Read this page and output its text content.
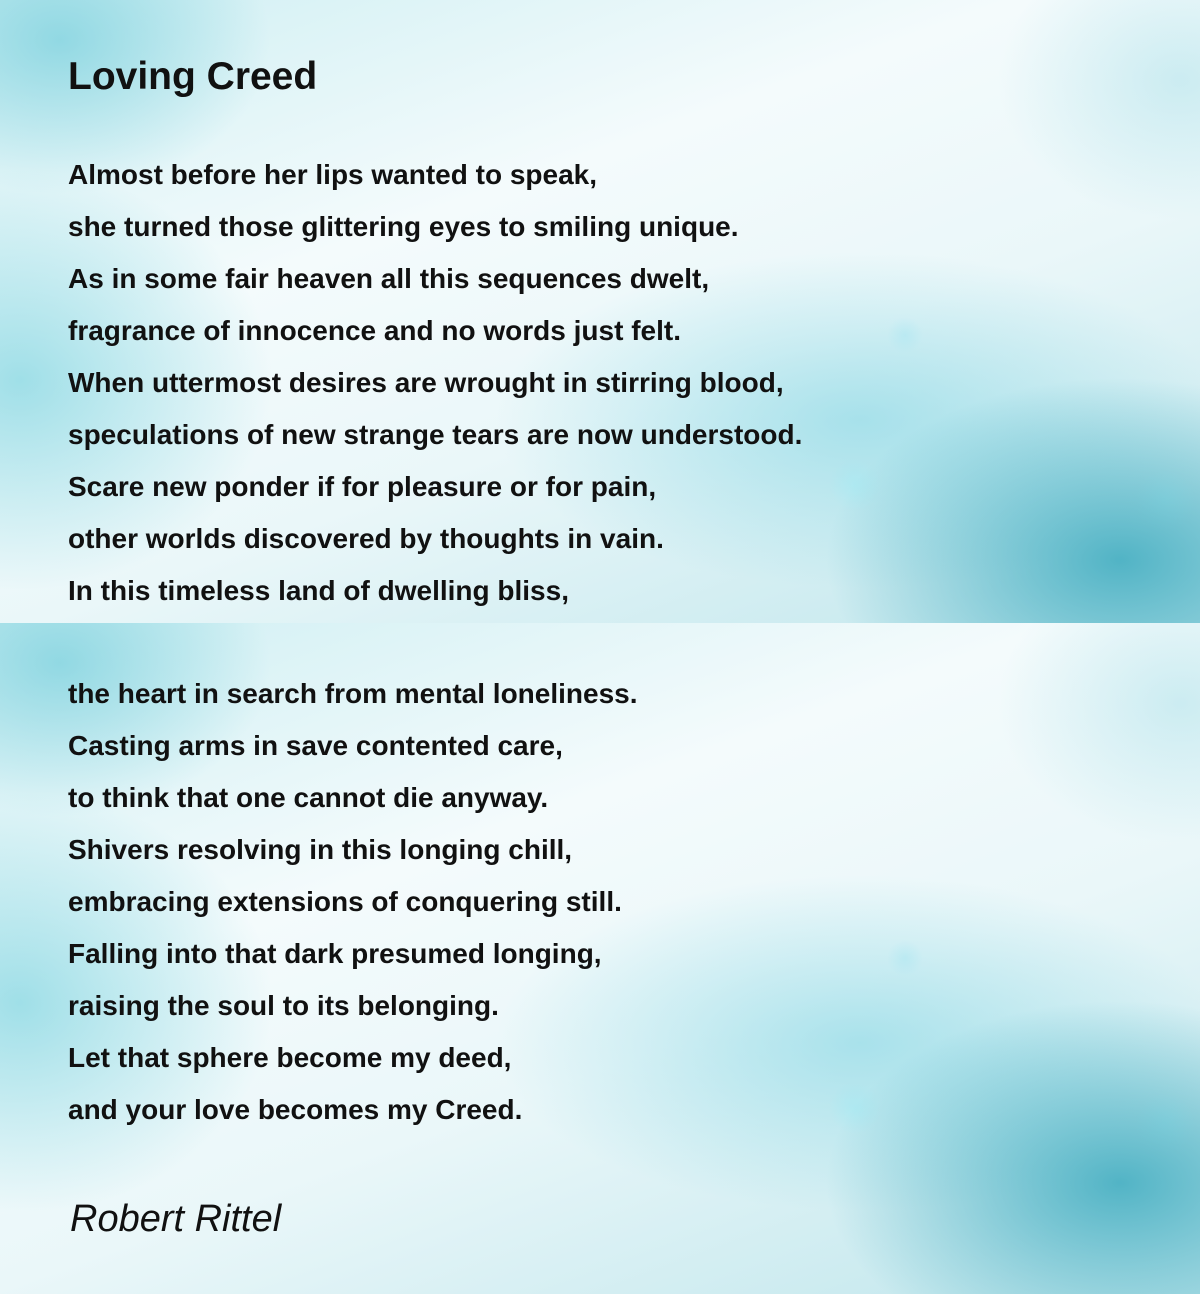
Loving Creed
Almost before her lips wanted to speak,
she turned those glittering eyes to smiling unique.
As in some fair heaven all this sequences dwelt,
fragrance of innocence and no words just felt.
When uttermost desires are wrought in stirring blood,
speculations of new strange tears are now understood.
Scare new ponder if for pleasure or for pain,
other worlds discovered by thoughts in vain.
In this timeless land of dwelling bliss,
the heart in search from mental loneliness.
Casting arms in save contented care,
to think that one cannot die anyway.
Shivers resolving in this longing chill,
embracing extensions of conquering still.
Falling into that dark presumed longing,
raising the soul to its belonging.
Let that sphere become my deed,
and your love becomes my Creed.
Robert Rittel
